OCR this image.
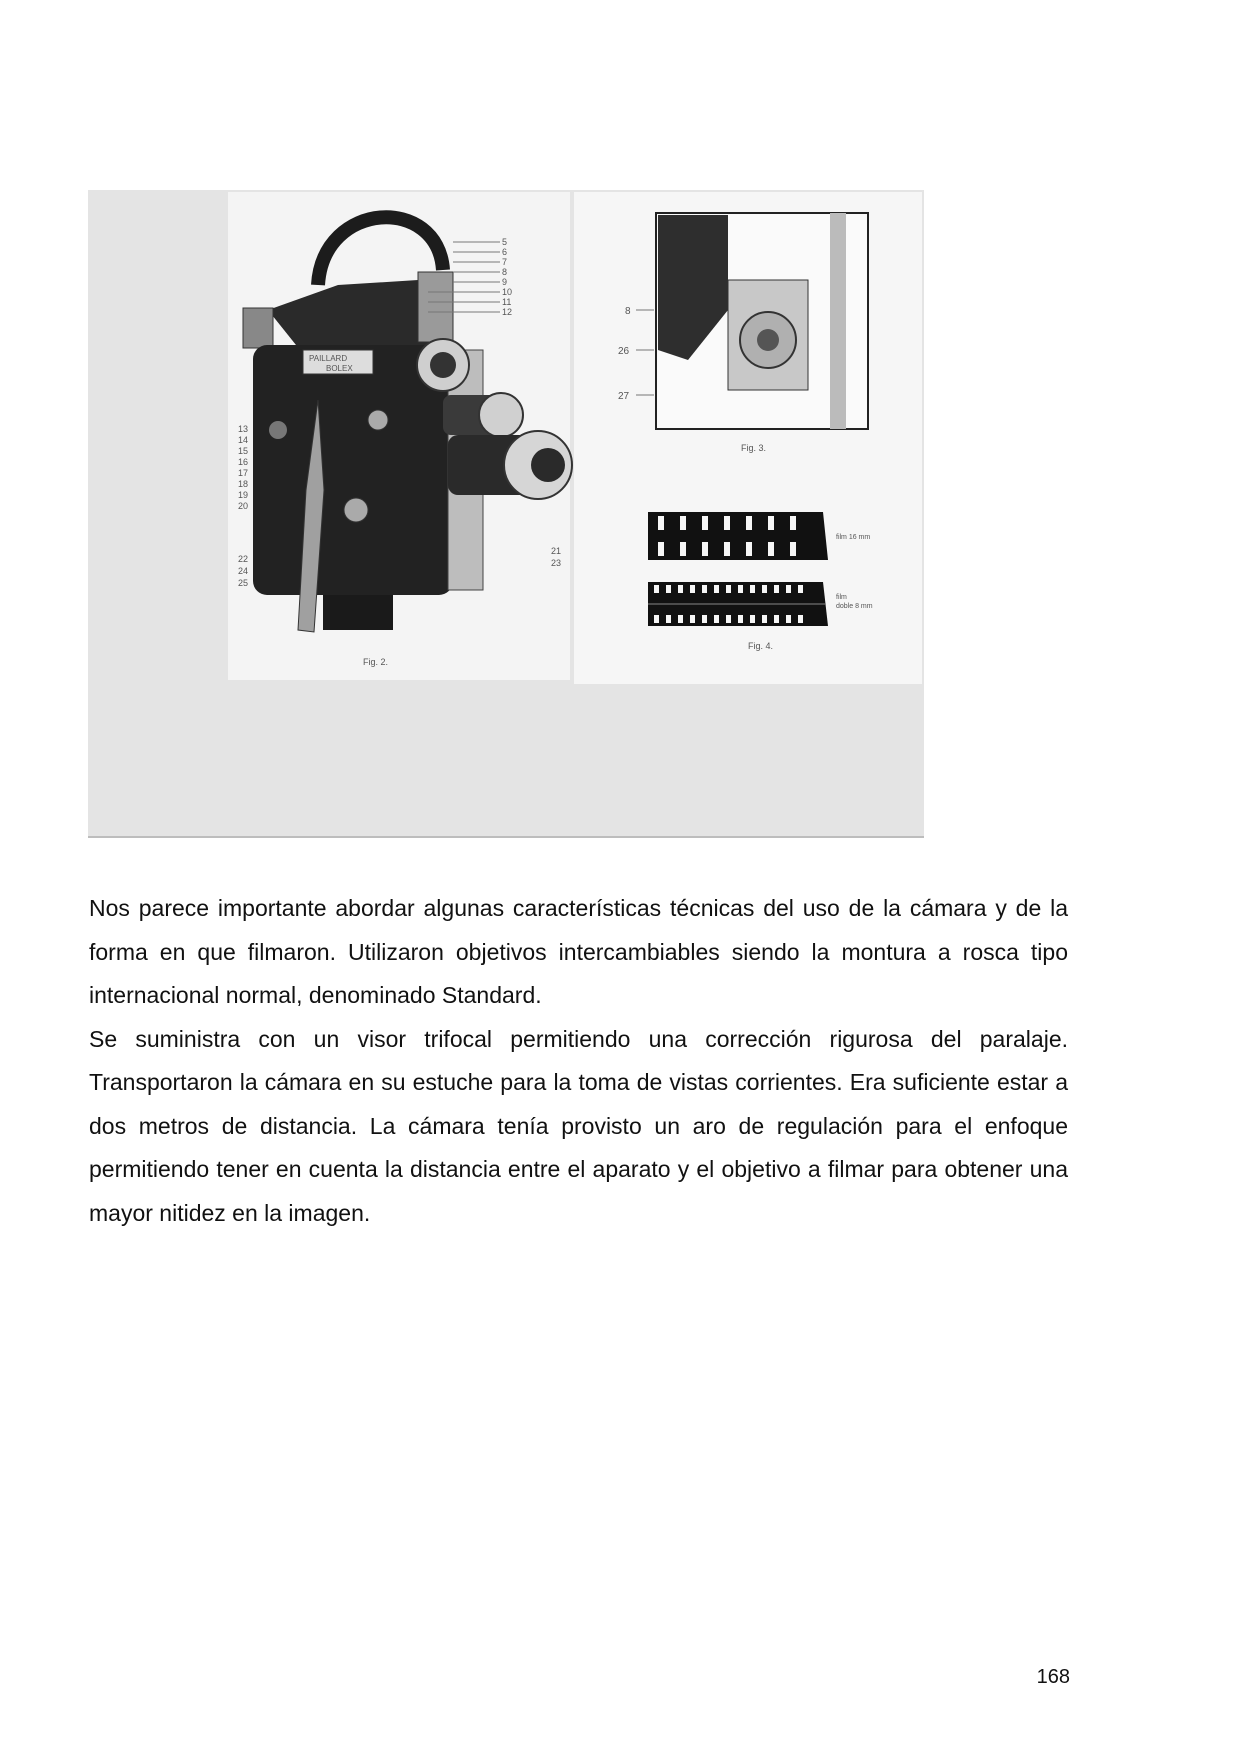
PAILLARD
BOLEX
5
6
7
8
9
10
11
12
13
14
15
16
17
18
19
20
22
24
25
21
23
Fig. 2.
8
26
27
Fig. 3.
film 16 mm
film
doble 8 mm
Fig. 4.

Nos parece importante abordar algunas características técnicas del uso de la cámara y de la forma en que filmaron. Utilizaron objetivos intercambiables siendo la montura a rosca tipo internacional normal, denominado Standard.

Se suministra con un visor trifocal permitiendo una corrección rigurosa del paralaje. Transportaron la cámara en su estuche para la toma de vistas corrientes. Era suficiente estar a dos metros de distancia. La cámara tenía provisto un aro de regulación para el enfoque permitiendo tener en cuenta la distancia entre el aparato y el objetivo a filmar para obtener una mayor nitidez en la imagen.

168
